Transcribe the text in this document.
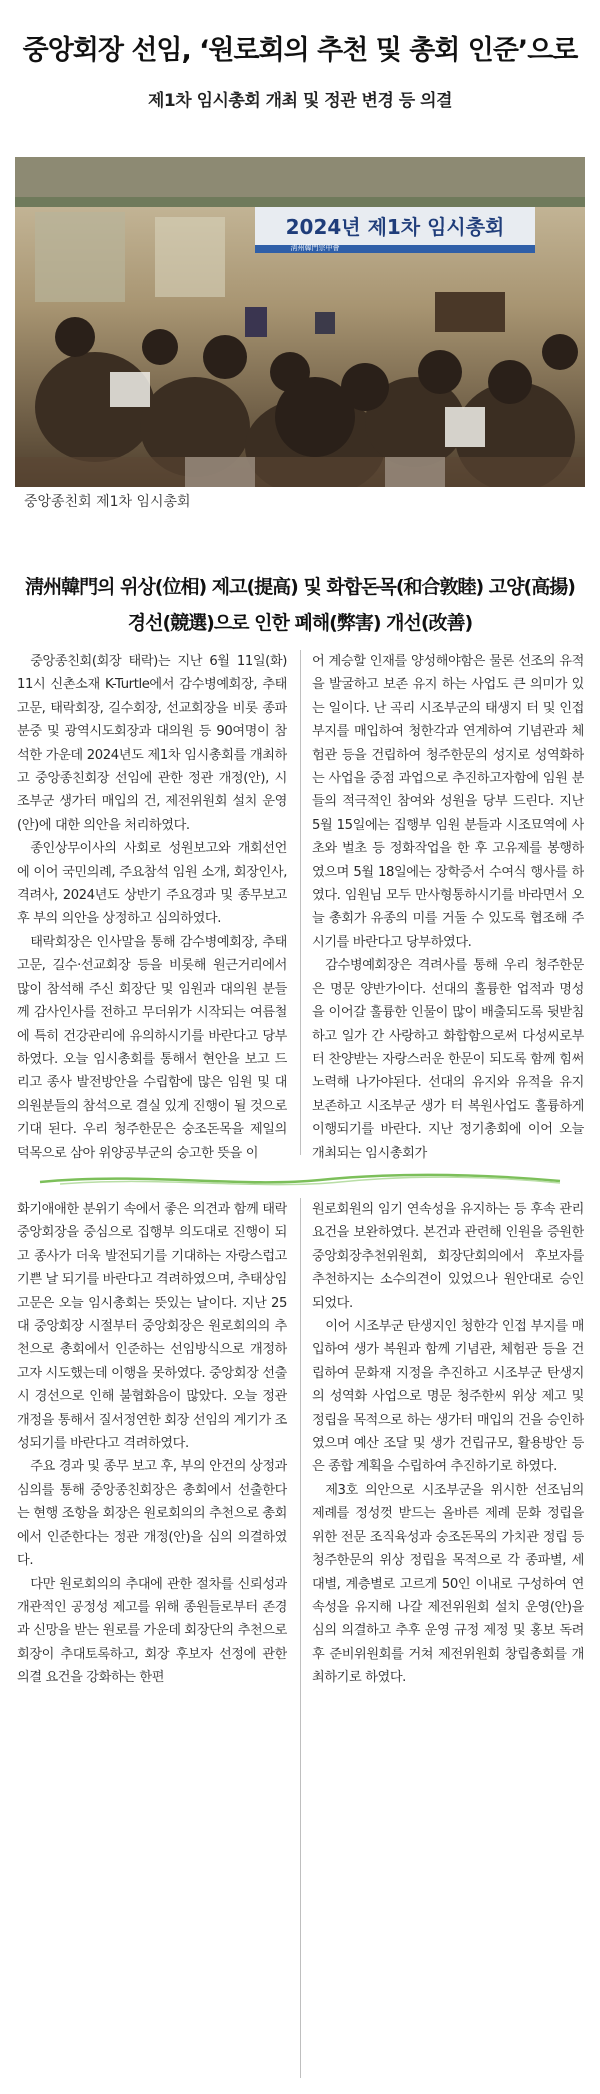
중앙회장 선임, ‘원로회의 추천 및 총회 인준’으로
제1차 임시총회 개최 및 정관 변경 등 의결
2024년 제1차 임시총회
淸州韓門宗中會
중앙종친회 제1차 임시총회
淸州韓門의 위상(位相) 제고(提高) 및 화합돈목(和合敦睦) 고양(高揚)
경선(競選)으로 인한 폐해(弊害) 개선(改善)

중앙종친회(회장 태락)는 지난 6월 11일(화) 11시 신촌소재 K-Turtle에서 감수병예회장, 추태고문, 태락회장, 길수회장, 선교회장을 비롯 종파분중 및 광역시도회장과 대의원 등 90여명이 참석한 가운데 2024년도 제1차 임시총회를 개최하고 중앙종친회장 선임에 관한 정관 개정(안), 시조부군 생가터 매입의 건, 제전위원회 설치 운영(안)에 대한 의안을 처리하였다.

종인상무이사의 사회로 성원보고와 개회선언에 이어 국민의례, 주요참석 임원 소개, 회장인사, 격려사, 2024년도 상반기 주요경과 및 종무보고 후 부의 의안을 상정하고 심의하였다.

태락회장은 인사말을 통해 감수병예회장, 추태고문, 길수·선교회장 등을 비롯해 원근거리에서 많이 참석해 주신 회장단 및 임원과 대의원 분들께 감사인사를 전하고 무더위가 시작되는 여름철에 특히 건강관리에 유의하시기를 바란다고 당부하였다. 오늘 임시총회를 통해서 현안을 보고 드리고 종사 발전방안을 수립함에 많은 임원 및 대의원분들의 참석으로 결실 있게 진행이 될 것으로 기대 된다. 우리 청주한문은 숭조돈목을 제일의 덕목으로 삼아 위양공부군의 숭고한 뜻을 이

어 계승할 인재를 양성해야함은 물론 선조의 유적을 발굴하고 보존 유지 하는 사업도 큰 의미가 있는 일이다. 난 곡리 시조부군의 태생지 터 및 인접 부지를 매입하여 청한각과 연계하여 기념관과 체험관 등을 건립하여 청주한문의 성지로 성역화하는 사업을 중점 과업으로 추진하고자함에 임원 분들의 적극적인 참여와 성원을 당부 드린다. 지난 5월 15일에는 집행부 임원 분들과 시조묘역에 사초와 벌초 등 정화작업을 한 후 고유제를 봉행하였으며 5월 18일에는 장학증서 수여식 행사를 하였다. 임원님 모두 만사형통하시기를 바라면서 오늘 총회가 유종의 미를 거둘 수 있도록 협조해 주시기를 바란다고 당부하였다.

감수병예회장은 격려사를 통해 우리 청주한문은 명문 양반가이다. 선대의 훌륭한 업적과 명성을 이어갈 훌륭한 인물이 많이 배출되도록 뒷받침하고 일가 간 사랑하고 화합함으로써 다성씨로부터 찬양받는 자랑스러운 한문이 되도록 함께 힘써 노력해 나가야된다. 선대의 유지와 유적을 유지 보존하고 시조부군 생가 터 복원사업도 훌륭하게 이행되기를 바란다. 지난 정기총회에 이어 오늘 개최되는 임시총회가

화기애애한 분위기 속에서 좋은 의견과 함께 태락중앙회장을 중심으로 집행부 의도대로 진행이 되고 종사가 더욱 발전되기를 기대하는 자랑스럽고 기쁜 날 되기를 바란다고 격려하였으며, 추태상임고문은 오늘 임시총회는 뜻있는 날이다. 지난 25대 중앙회장 시절부터 중앙회장은 원로회의의 추천으로 총회에서 인준하는 선임방식으로 개정하고자 시도했는데 이행을 못하였다. 중앙회장 선출 시 경선으로 인해 불협화음이 많았다. 오늘 정관 개정을 통해서 질서정연한 회장 선임의 계기가 조성되기를 바란다고 격려하였다.

주요 경과 및 종무 보고 후, 부의 안건의 상정과 심의를 통해 중앙종친회장은 총회에서 선출한다는 현행 조항을 회장은 원로회의의 추천으로 총회에서 인준한다는 정관 개정(안)을 심의 의결하였다.

다만 원로회의의 추대에 관한 절차를 신뢰성과 개관적인 공정성 제고를 위해 종원들로부터 존경과 신망을 받는 원로를 가운데 회장단의 추천으로 회장이 추대토록하고, 회장 후보자 선정에 관한 의결 요건을 강화하는 한편

원로회원의 임기 연속성을 유지하는 등 후속 관리요건을 보완하였다. 본건과 관련해 인원을 증원한 중앙회장추천위원회, 회장단회의에서 후보자를 추천하지는 소수의견이 있었으나 원안대로 승인 되었다.

이어 시조부군 탄생지인 청한각 인접 부지를 매입하여 생가 복원과 함께 기념관, 체험관 등을 건립하여 문화재 지정을 추진하고 시조부군 탄생지의 성역화 사업으로 명문 청주한씨 위상 제고 및 정립을 목적으로 하는 생가터 매입의 건을 승인하였으며 예산 조달 및 생가 건립규모, 활용방안 등은 종합 계획을 수립하여 추진하기로 하였다.

제3호 의안으로 시조부군을 위시한 선조님의 제례를 정성껏 받드는 올바른 제례 문화 정립을 위한 전문 조직육성과 숭조돈목의 가치관 정립 등 청주한문의 위상 정립을 목적으로 각 종파별, 세대별, 계층별로 고르게 50인 이내로 구성하여 연속성을 유지해 나갈 제전위원회 설치 운영(안)을 심의 의결하고 추후 운영 규정 제정 및 홍보 독려 후 준비위원회를 거쳐 제전위원회 창립총회를 개최하기로 하였다.
